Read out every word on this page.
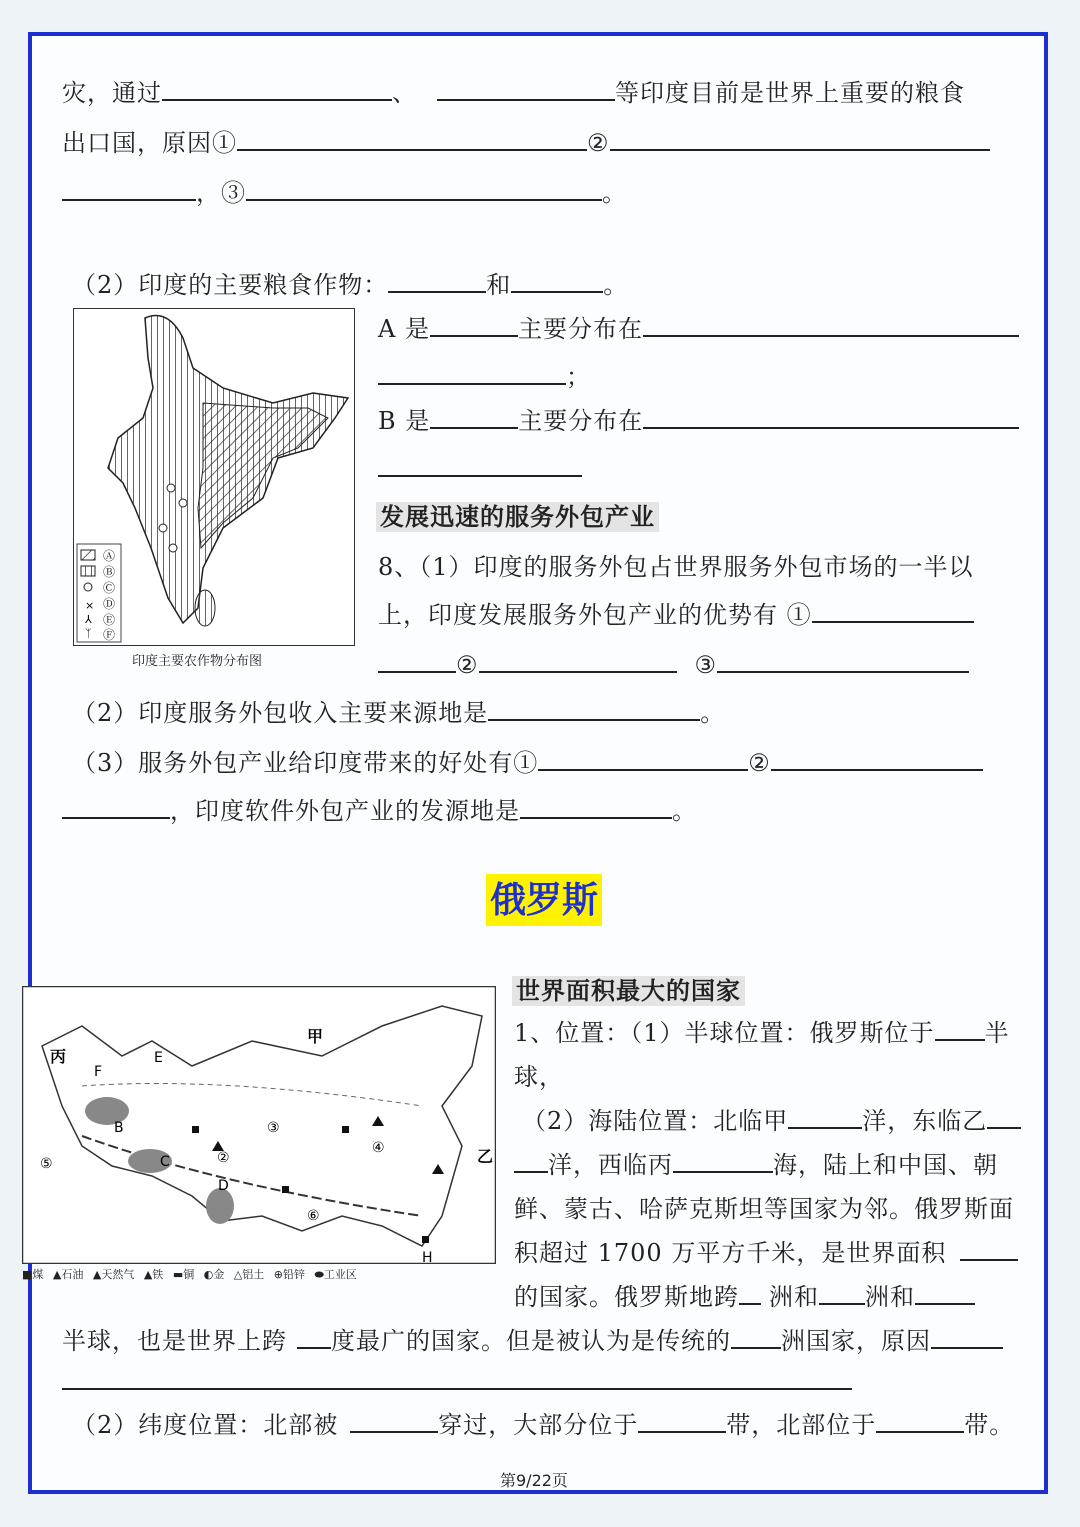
灾，通过	、	等印度目前是世界上重要的粮食
出口国，原因①	②
，③	。
（2）印度的主要粮食作物：	和	。
×
⅄
ᛉ
Ⓐ
Ⓑ
Ⓒ
Ⓓ
Ⓔ
Ⓕ
印度主要农作物分布图
A 是	主要分布在
；
B 是	主要分布在
发展迅速的服务外包产业
8、（1）印度的服务外包占世界服务外包市场的一半以
上，印度发展服务外包产业的优势有 ①
②	③
（2）印度服务外包收入主要来源地是	。
（3）服务外包产业给印度带来的好处有①	②
，印度软件外包产业的发源地是	。
俄罗斯
甲
乙
丙
B
C
D
E
F
H
②
③
④
⑤
⑥
■煤 ▲石油 ▲天然气 ▲铁 ▬铜 ◐金 △铝土 ⊕铅锌 ⬬工业区
世界面积最大的国家
1、位置：（1）半球位置：俄罗斯位于 半
球，
（2）海陆位置：北临甲	洋，东临乙
洋，西临丙	海，陆上和中国、朝
鲜、蒙古、哈萨克斯坦等国家为邻。俄罗斯面
积超过 1700 万平方千米，是世界面积
的国家。俄罗斯地跨 洲和 洲和
半球，也是世界上跨 度最广的国家。但是被认为是传统的 洲国家，原因
（2）纬度位置：北部被	穿过，大部分位于	带，北部位于	带。
第9/22页
